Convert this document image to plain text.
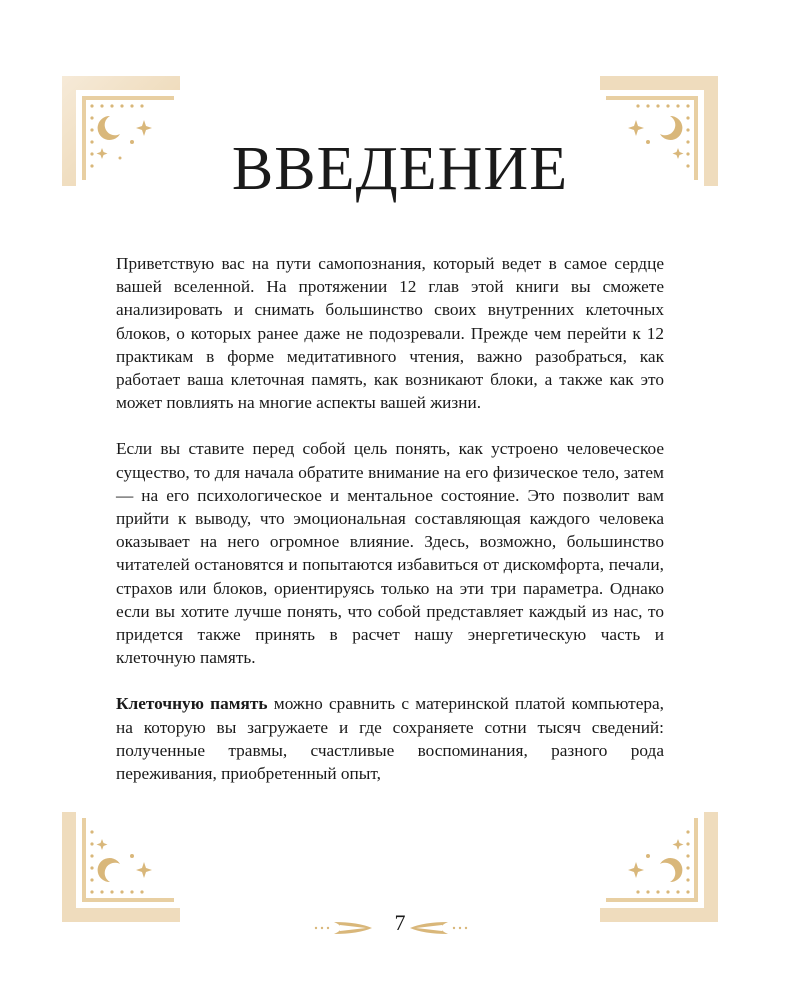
ВВЕДЕНИЕ

Приветствую вас на пути самопознания, который ведет в самое сердце вашей вселенной. На протяжении 12 глав этой книги вы сможете анализировать и снимать большинство своих внутренних клеточных блоков, о которых ранее даже не подозревали. Прежде чем перейти к 12 практикам в форме медитативного чтения, важно разобраться, как работает ваша клеточная память, как возникают блоки, а также как это может повлиять на многие аспекты вашей жизни.

Если вы ставите перед собой цель понять, как устроено человеческое существо, то для начала обратите внимание на его физическое тело, затем — на его психологическое и ментальное состояние. Это позволит вам прийти к выводу, что эмоциональная составляющая каждого человека оказывает на него огромное влияние. Здесь, возможно, большинство читателей остановятся и попытаются избавиться от дискомфорта, печали, страхов или блоков, ориентируясь только на эти три параметра. Однако если вы хотите лучше понять, что собой представляет каждый из нас, то придется также принять в расчет нашу энергетическую часть и клеточную память.

Клеточную память можно сравнить с материнской платой компьютера, на которую вы загружаете и где сохраняете сотни тысяч сведений: полученные травмы, счастливые воспоминания, разного рода переживания, приобретенный опыт,

7
